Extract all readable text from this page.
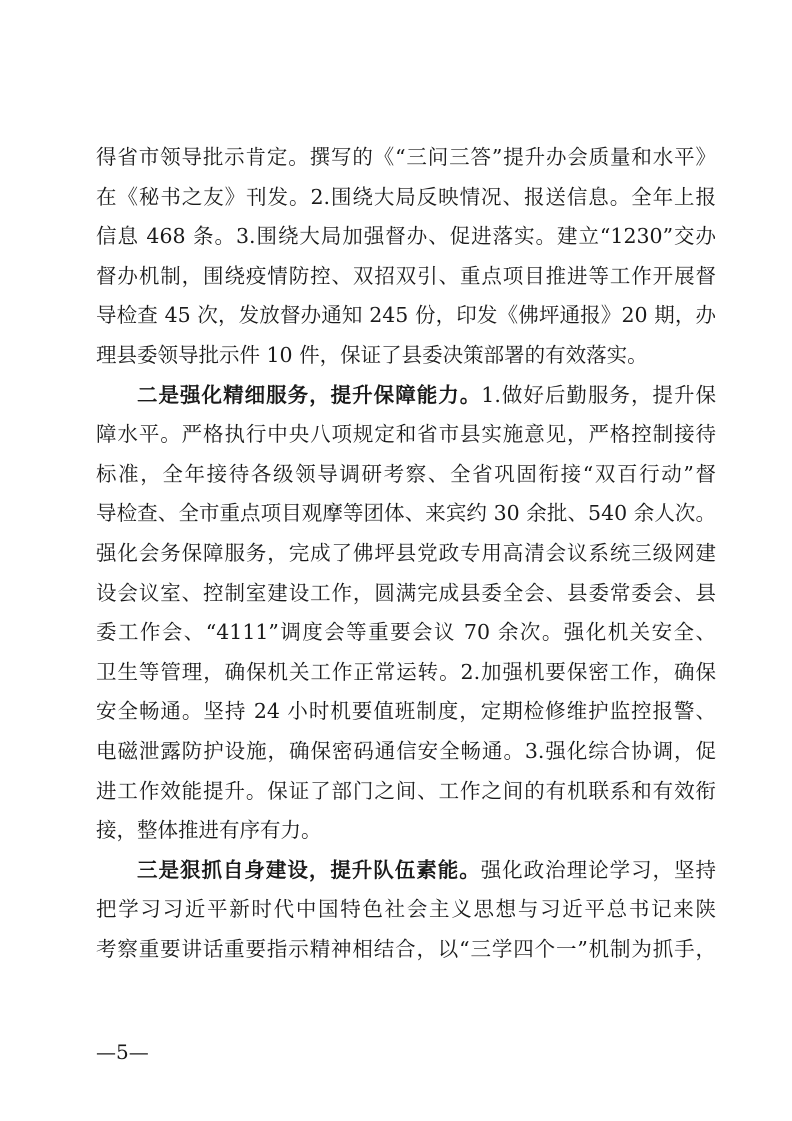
得省市领导批示肯定。撰写的《“三问三答”提升办会质量和水平》
在《秘书之友》刊发。2.围绕大局反映情况、报送信息。全年上报
信息 468 条。3.围绕大局加强督办、促进落实。建立“1230”交办
督办机制，围绕疫情防控、双招双引、重点项目推进等工作开展督
导检查 45 次，发放督办通知 245 份，印发《佛坪通报》20 期，办
理县委领导批示件 10 件，保证了县委决策部署的有效落实。
二是强化精细服务，提升保障能力。1.做好后勤服务，提升保
障水平。严格执行中央八项规定和省市县实施意见，严格控制接待
标准，全年接待各级领导调研考察、全省巩固衔接“双百行动”督
导检查、全市重点项目观摩等团体、来宾约 30 余批、540 余人次。
强化会务保障服务，完成了佛坪县党政专用高清会议系统三级网建
设会议室、控制室建设工作，圆满完成县委全会、县委常委会、县
委工作会、“4111”调度会等重要会议 70 余次。强化机关安全、
卫生等管理，确保机关工作正常运转。2.加强机要保密工作，确保
安全畅通。坚持 24 小时机要值班制度，定期检修维护监控报警、
电磁泄露防护设施，确保密码通信安全畅通。3.强化综合协调，促
进工作效能提升。保证了部门之间、工作之间的有机联系和有效衔
接，整体推进有序有力。
三是狠抓自身建设，提升队伍素能。强化政治理论学习，坚持
把学习习近平新时代中国特色社会主义思想与习近平总书记来陕
考察重要讲话重要指示精神相结合，以“三学四个一”机制为抓手，
—5—
